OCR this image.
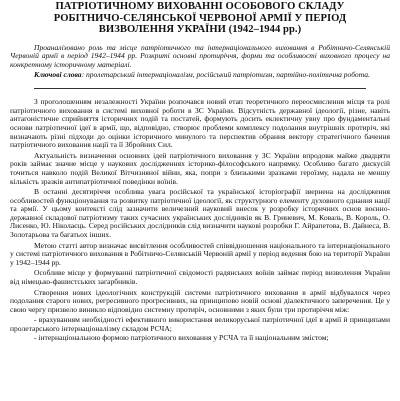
ПАТРІОТИЧНОМУ ВИХОВАННІ ОСОБОВОГО СКЛАДУ
РОБІТНИЧО-СЕЛЯНСЬКОЇ ЧЕРВОНОЇ АРМІЇ У ПЕРІОД
ВИЗВОЛЕННЯ УКРАЇНИ (1942–1944 рр.)

Проаналізовано роль та місце патріотичного та інтернаціонального виховання в Робітничо-Селянській Червоній армії в період 1942–1944 рр. Розкриті основні протиріччя, форми та особливості виховного процесу на конкретному історичному матеріалі.

Ключові слова: пролетарський інтернаціоналізм, російський патріотизм, партійно-політична робота.

З проголошенням незалежності України розпочався новий етап теоретичного переосмислення місця та ролі патріотичного виховання в системі виховної роботи в ЗС України. Відсутність державної ідеології, різне, навіть антагоністичне сприйняття історичних подій та постатей, формують досить еклектичну увну про фундаментальні основи патріотичної ідеї в армії, що, відповідно, створює проблеми комплексу подолання внутрішніх протиріч, які визначають різні підходи до оцінки історичного минулого та перспектив обрання вектору стратегічного бачення патріотичного виховання нації та її Збройних Сил.

Актуальність визначення основних ідей патріотичного виховання у ЗС України впродовж майже двадцяти років займає значне місце у наукових дослідженнях історико-філософського напрямку. Особливо багато дискусій точиться навколо подій Великої Вітчизняної війни, яка, попри з близькими зразками героїзму, надала не меншу кількість зразків антипатріотичної поведінки воїнів.

В останні десятиріччя особлива увага російської та української історіографії звернена на дослідження особливостей функціонування та розвитку патріотичної ідеології, як структурного елементу духовного єднання нації та армії. У цьому контексті слід зазначити величезний науковий внесок у розробку історичних основ воєнно-державної складової патріотизму таких сучасних українських дослідників як В. Гриневич, М. Коваль, В. Король, О. Лисенко, Ю. Ніколаєць. Серед російських дослідників слід визначити наукові розробки Г. Айрапетова, В. Дайнеса, В. Золотарьова та багатьох інших.

Метою статті автор визначає висвітлення особливостей співвідношення національного та інтернаціонального у системі патріотичного виховання в Робітничо-Селянській Червоній армії у період ведення бою на території України у 1942–1944 рр.

Особливе місце у формуванні патріотичної свідомості радянських воїнів займає період визволення України від німецько-фашистських загарбників.

Створення нових ідеологічних конструкцій системи патріотичного виховання в армії відбувалося через подолання старого нових, регресивного прогресивних, на принципово новій основі діалектичного заперечення. Це у свою чергу призвело виникло відповідно системну протиріч, основними з яких були три протиріччя між:

- врахуванням необхідності ефективного використання великоруської патріотичної ідеї в армії й принципами пролетарського інтернаціоналізму складом РСЧА;

- інтернаціональною формою патріотичного виховання у РСЧА та її національним змістом;
